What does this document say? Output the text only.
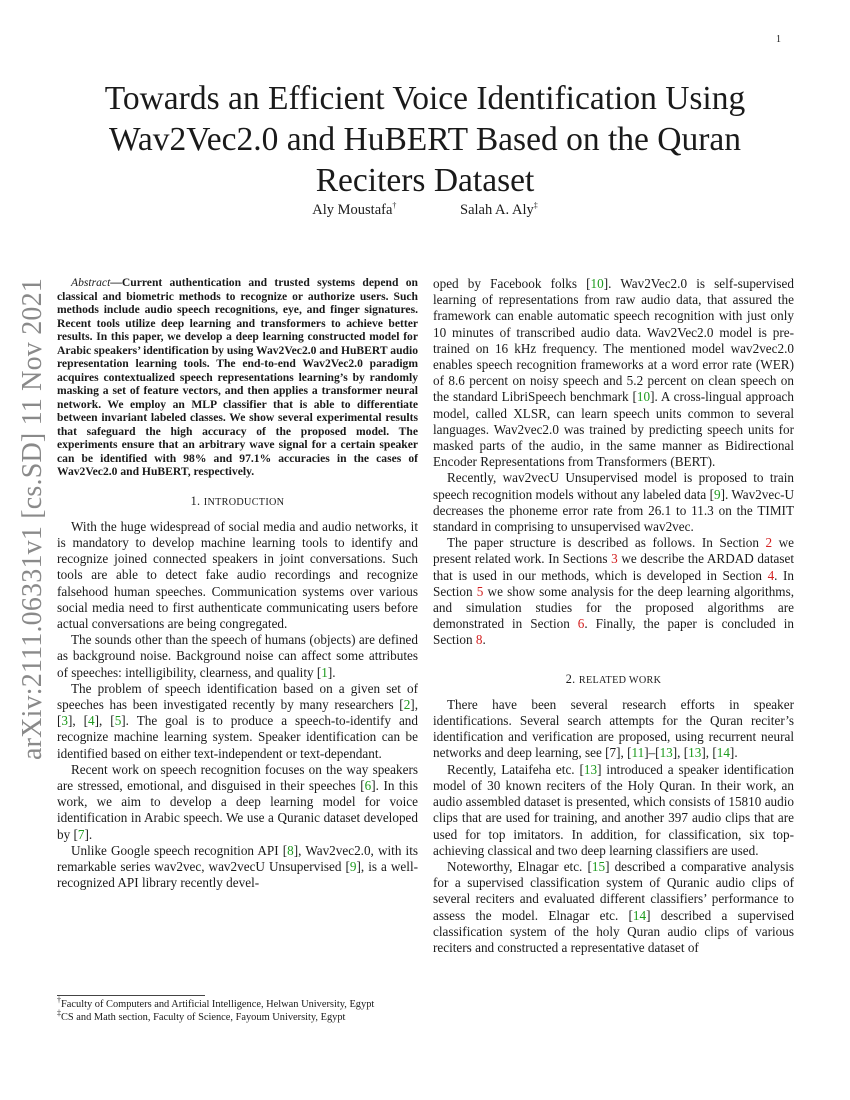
1
arXiv:2111.06331v1 [cs.SD] 11 Nov 2021
Towards an Efficient Voice Identification Using Wav2Vec2.0 and HuBERT Based on the Quran Reciters Dataset
Aly Moustafa†	Salah A. Aly‡

Abstract—Current authentication and trusted systems depend on classical and biometric methods to recognize or authorize users. Such methods include audio speech recognitions, eye, and finger signatures. Recent tools utilize deep learning and transformers to achieve better results. In this paper, we develop a deep learning constructed model for Arabic speakers’ identification by using Wav2Vec2.0 and HuBERT audio representation learning tools. The end-to-end Wav2Vec2.0 paradigm acquires contextualized speech representations learning’s by randomly masking a set of feature vectors, and then applies a transformer neural network. We employ an MLP classifier that is able to differentiate between invariant labeled classes. We show several experimental results that safeguard the high accuracy of the proposed model. The experiments ensure that an arbitrary wave signal for a certain speaker can be identified with 98% and 97.1% accuracies in the cases of Wav2Vec2.0 and HuBERT, respectively.

1. INTRODUCTION

With the huge widespread of social media and audio networks, it is mandatory to develop machine learning tools to identify and recognize joined connected speakers in joint conversations. Such tools are able to detect fake audio recordings and recognize falsehood human speeches. Communication systems over various social media need to first authenticate communicating users before actual conversations are being congregated.

The sounds other than the speech of humans (objects) are defined as background noise. Background noise can affect some attributes of speeches: intelligibility, clearness, and quality [1].

The problem of speech identification based on a given set of speeches has been investigated recently by many researchers [2], [3], [4], [5]. The goal is to produce a speech-to-identify and recognize machine learning system. Speaker identification can be identified based on either text-independent or text-dependant.

Recent work on speech recognition focuses on the way speakers are stressed, emotional, and disguised in their speeches [6]. In this work, we aim to develop a deep learning model for voice identification in Arabic speech. We use a Quranic dataset developed by [7].

Unlike Google speech recognition API [8], Wav2vec2.0, with its remarkable series wav2vec, wav2vecU Unsupervised [9], is a well-recognized API library recently devel-

oped by Facebook folks [10]. Wav2Vec2.0 is self-supervised learning of representations from raw audio data, that assured the framework can enable automatic speech recognition with just only 10 minutes of transcribed audio data. Wav2Vec2.0 model is pre-trained on 16 kHz frequency. The mentioned model wav2vec2.0 enables speech recognition frameworks at a word error rate (WER) of 8.6 percent on noisy speech and 5.2 percent on clean speech on the standard LibriSpeech benchmark [10]. A cross-lingual approach model, called XLSR, can learn speech units common to several languages. Wav2vec2.0 was trained by predicting speech units for masked parts of the audio, in the same manner as Bidirectional Encoder Representations from Transformers (BERT).

Recently, wav2vecU Unsupervised model is proposed to train speech recognition models without any labeled data [9]. Wav2vec-U decreases the phoneme error rate from 26.1 to 11.3 on the TIMIT standard in comprising to unsupervised wav2vec.

The paper structure is described as follows. In Section 2 we present related work. In Sections 3 we describe the ARDAD dataset that is used in our methods, which is developed in Section 4. In Section 5 we show some analysis for the deep learning algorithms, and simulation studies for the proposed algorithms are demonstrated in Section 6. Finally, the paper is concluded in Section 8.

2. RELATED WORK

There have been several research efforts in speaker identifications. Several search attempts for the Quran reciter’s identification and verification are proposed, using recurrent neural networks and deep learning, see [7], [11]–[13], [13], [14].

Recently, Lataifeha etc. [13] introduced a speaker identification model of 30 known reciters of the Holy Quran. In their work, an audio assembled dataset is presented, which consists of 15810 audio clips that are used for training, and another 397 audio clips that are used for top imitators. In addition, for classification, six top-achieving classical and two deep learning classifiers are used.

Noteworthy, Elnagar etc. [15] described a comparative analysis for a supervised classification system of Quranic audio clips of several reciters and evaluated different classifiers’ performance to assess the model. Elnagar etc. [14] described a supervised classification system of the holy Quran audio clips of various reciters and constructed a representative dataset of

†Faculty of Computers and Artificial Intelligence, Helwan University, Egypt
‡CS and Math section, Faculty of Science, Fayoum University, Egypt
